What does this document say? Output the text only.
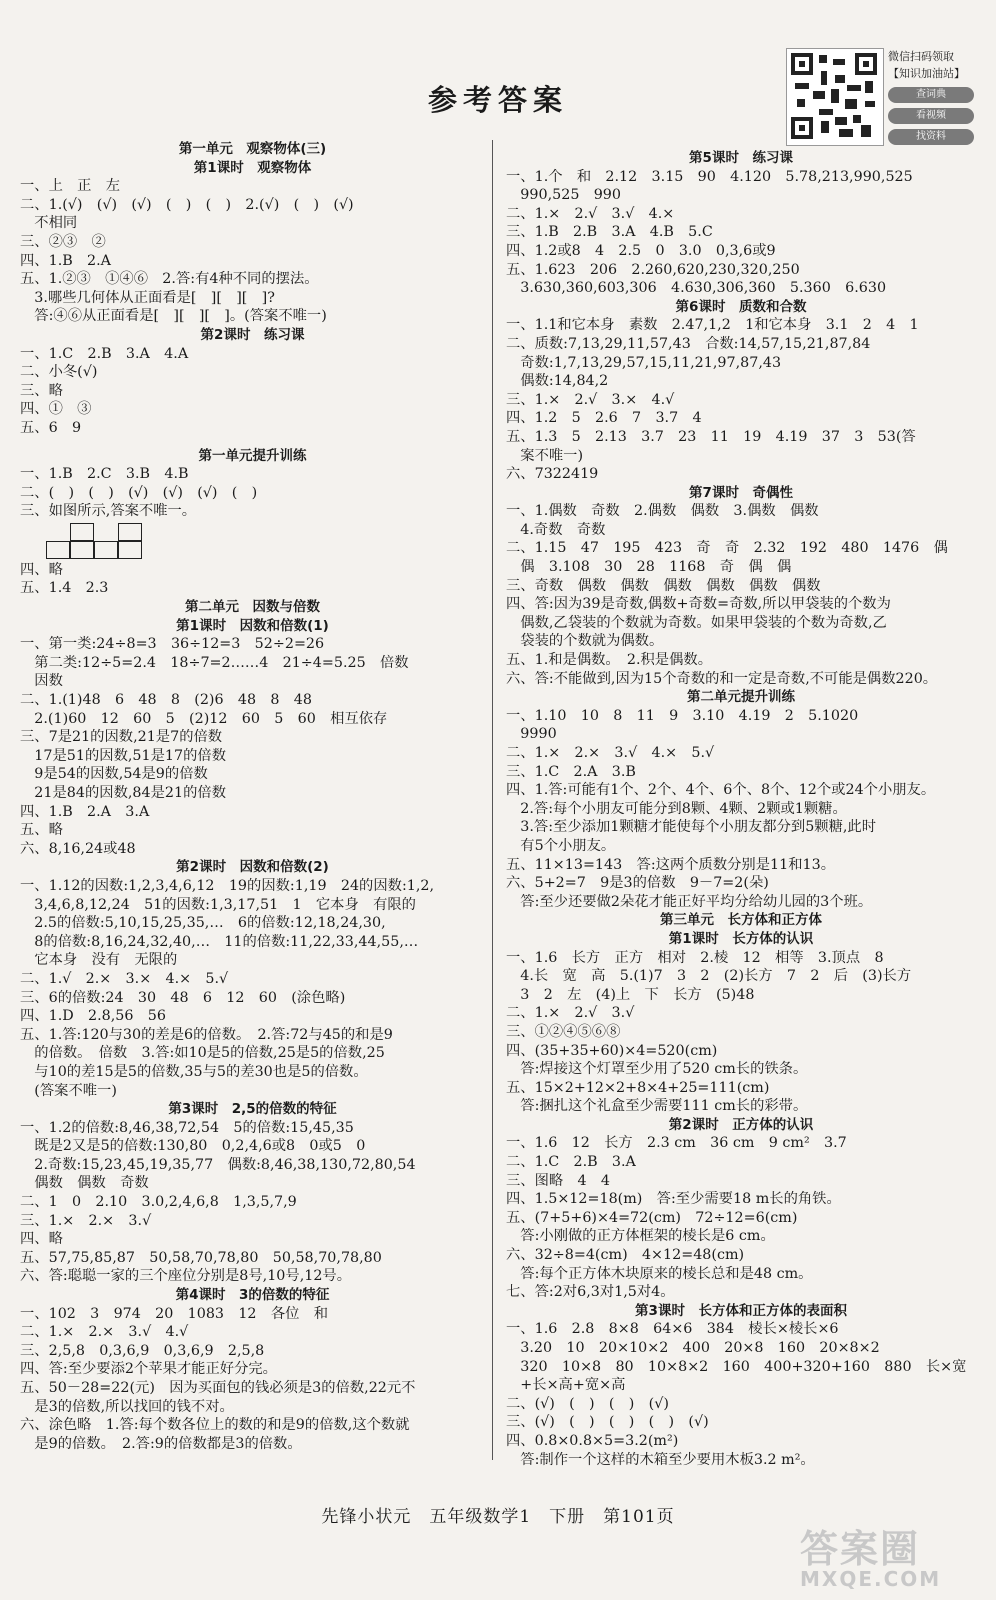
参考答案
微信扫码领取
【知识加油站】
查词典
看视频
找资料
第一单元　观察物体(三)
第1课时　观察物体
一、上　正　左
二、1.(√)　(√)　(√)　(　)　(　)　2.(√)　(　)　(√)
　不相同
三、②③　②
四、1.B　2.A
五、1.②③　①④⑥　2.答:有4种不同的摆法。
　3.哪些几何体从正面看是[　][　][　]?
　答:④⑥从正面看是[　][　][　]。(答案不唯一)
第2课时　练习课
一、1.C　2.B　3.A　4.A
二、小冬(√)
三、略
四、①　③
五、6　9
第一单元提升训练
一、1.B　2.C　3.B　4.B
二、(　)　(　)　(√)　(√)　(√)　(　)
三、如图所示,答案不唯一。
四、略
五、1.4　2.3
第二单元　因数与倍数
第1课时　因数和倍数(1)
一、第一类:24÷8=3　36÷12=3　52÷2=26
　第二类:12÷5=2.4　18÷7=2……4　21÷4=5.25　倍数
　因数
二、1.(1)48　6　48　8　(2)6　48　8　48
　2.(1)60　12　60　5　(2)12　60　5　60　相互依存
三、7是21的因数,21是7的倍数
　17是51的因数,51是17的倍数
　9是54的因数,54是9的倍数
　21是84的因数,84是21的倍数
四、1.B　2.A　3.A
五、略
六、8,16,24或48
第2课时　因数和倍数(2)
一、1.12的因数:1,2,3,4,6,12　19的因数:1,19　24的因数:1,2,
　3,4,6,8,12,24　51的因数:1,3,17,51　1　它本身　有限的
　2.5的倍数:5,10,15,25,35,…　6的倍数:12,18,24,30,
　8的倍数:8,16,24,32,40,…　11的倍数:11,22,33,44,55,…
　它本身　没有　无限的
二、1.√　2.×　3.×　4.×　5.√
三、6的倍数:24　30　48　6　12　60　(涂色略)
四、1.D　2.8,56　56
五、1.答:120与30的差是6的倍数。　2.答:72与45的和是9
　的倍数。　倍数　3.答:如10是5的倍数,25是5的倍数,25
　与10的差15是5的倍数,35与5的差30也是5的倍数。
　(答案不唯一)
第3课时　2,5的倍数的特征
一、1.2的倍数:8,46,38,72,54　5的倍数:15,45,35
　既是2又是5的倍数:130,80　0,2,4,6或8　0或5　0
　2.奇数:15,23,45,19,35,77　偶数:8,46,38,130,72,80,54
　偶数　偶数　奇数
二、1　0　2.10　3.0,2,4,6,8　1,3,5,7,9
三、1.×　2.×　3.√
四、略
五、57,75,85,87　50,58,70,78,80　50,58,70,78,80
六、答:聪聪一家的三个座位分别是8号,10号,12号。
第4课时　3的倍数的特征
一、102　3　974　20　1083　12　各位　和
二、1.×　2.×　3.√　4.√
三、2,5,8　0,3,6,9　0,3,6,9　2,5,8
四、答:至少要添2个苹果才能正好分完。
五、50－28=22(元)　因为买面包的钱必须是3的倍数,22元不
　是3的倍数,所以找回的钱不对。
六、涂色略　1.答:每个数各位上的数的和是9的倍数,这个数就
　是9的倍数。　2.答:9的倍数都是3的倍数。
第5课时　练习课
一、1.个　和　2.12　3.15　90　4.120　5.78,213,990,525
　990,525　990
二、1.×　2.√　3.√　4.×
三、1.B　2.B　3.A　4.B　5.C
四、1.2或8　4　2.5　0　3.0　0,3,6或9
五、1.623　206　2.260,620,230,320,250
　3.630,360,603,306　4.630,306,360　5.360　6.630
第6课时　质数和合数
一、1.1和它本身　素数　2.47,1,2　1和它本身　3.1　2　4　1
二、质数:7,13,29,11,57,43　合数:14,57,15,21,87,84
　奇数:1,7,13,29,57,15,11,21,97,87,43
　偶数:14,84,2
三、1.×　2.√　3.×　4.√
四、1.2　5　2.6　7　3.7　4
五、1.3　5　2.13　3.7　23　11　19　4.19　37　3　53(答
　案不唯一)
六、7322419
第7课时　奇偶性
一、1.偶数　奇数　2.偶数　偶数　3.偶数　偶数
　4.奇数　奇数
二、1.15　47　195　423　奇　奇　2.32　192　480　1476　偶
　偶　3.108　30　28　1168　奇　偶　偶
三、奇数　偶数　偶数　偶数　偶数　偶数　偶数
四、答:因为39是奇数,偶数+奇数=奇数,所以甲袋装的个数为
　偶数,乙袋装的个数就为奇数。如果甲袋装的个数为奇数,乙
　袋装的个数就为偶数。
五、1.和是偶数。　2.积是偶数。
六、答:不能做到,因为15个奇数的和一定是奇数,不可能是偶数220。
第二单元提升训练
一、1.10　10　8　11　9　3.10　4.19　2　5.1020
　9990
二、1.×　2.×　3.√　4.×　5.√
三、1.C　2.A　3.B
四、1.答:可能有1个、2个、4个、6个、8个、12个或24个小朋友。
　2.答:每个小朋友可能分到8颗、4颗、2颗或1颗糖。
　3.答:至少添加1颗糖才能使每个小朋友都分到5颗糖,此时
　有5个小朋友。
五、11×13=143　答:这两个质数分别是11和13。
六、5+2=7　9是3的倍数　9－7=2(朵)
　答:至少还要做2朵花才能正好平均分给幼儿园的3个班。
第三单元　长方体和正方体
第1课时　长方体的认识
一、1.6　长方　正方　相对　2.棱　12　相等　3.顶点　8
　4.长　宽　高　5.(1)7　3　2　(2)长方　7　2　后　(3)长方
　3　2　左　(4)上　下　长方　(5)48
二、1.×　2.√　3.√
三、①②④⑤⑥⑧
四、(35+35+60)×4=520(cm)
　答:焊接这个灯罩至少用了520 cm长的铁条。
五、15×2+12×2+8×4+25=111(cm)
　答:捆扎这个礼盒至少需要111 cm长的彩带。
第2课时　正方体的认识
一、1.6　12　长方　2.3 cm　36 cm　9 cm²　3.7
二、1.C　2.B　3.A
三、图略　4　4
四、1.5×12=18(m)　答:至少需要18 m长的角铁。
五、(7+5+6)×4=72(cm)　72÷12=6(cm)
　答:小刚做的正方体框架的棱长是6 cm。
六、32÷8=4(cm)　4×12=48(cm)
　答:每个正方体木块原来的棱长总和是48 cm。
七、答:2对6,3对1,5对4。
第3课时　长方体和正方体的表面积
一、1.6　2.8　8×8　64×6　384　棱长×棱长×6
　3.20　10　20×10×2　400　20×8　160　20×8×2
　320　10×8　80　10×8×2　160　400+320+160　880　长×宽
　+长×高+宽×高
二、(√)　(　)　(　)　(√)
三、(√)　(　)　(　)　(　)　(√)
四、0.8×0.8×5=3.2(m²)
　答:制作一个这样的木箱至少要用木板3.2 m²。
先锋小状元　五年级数学1　下册　第101页
答案圈
MXQE.COM
